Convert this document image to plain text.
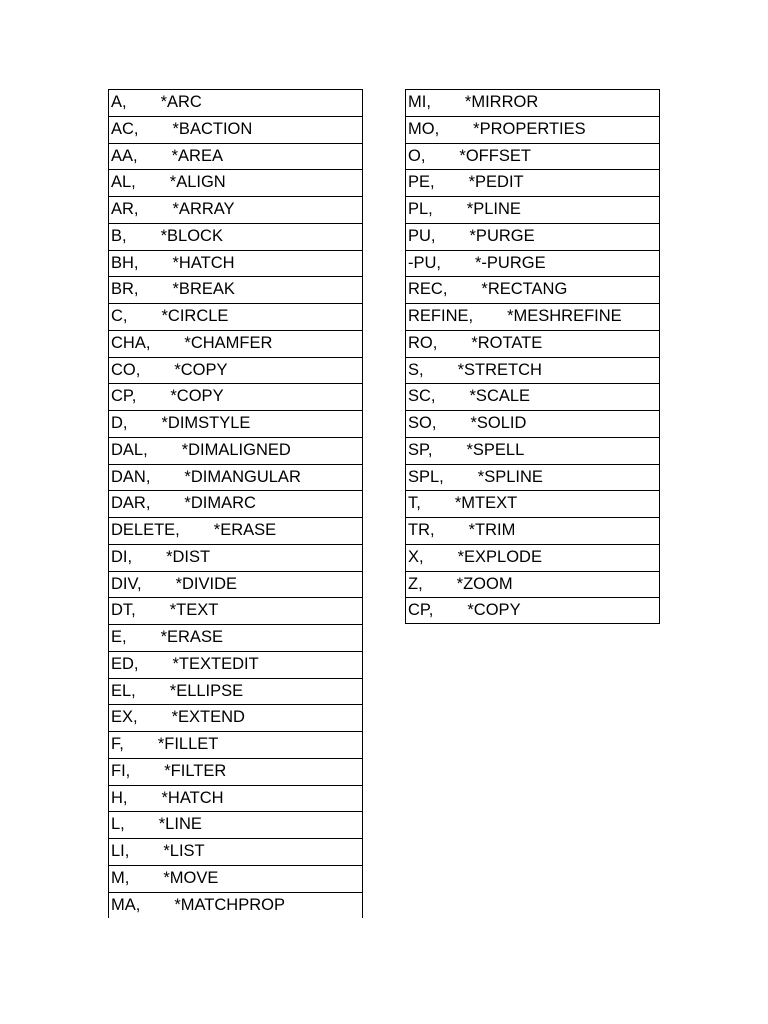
A, *ARC
AC, *BACTION
AA, *AREA
AL, *ALIGN
AR, *ARRAY
B, *BLOCK
BH, *HATCH
BR, *BREAK
C, *CIRCLE
CHA, *CHAMFER
CO, *COPY
CP, *COPY
D, *DIMSTYLE
DAL, *DIMALIGNED
DAN, *DIMANGULAR
DAR, *DIMARC
DELETE, *ERASE
DI, *DIST
DIV, *DIVIDE
DT, *TEXT
E, *ERASE
ED, *TEXTEDIT
EL, *ELLIPSE
EX, *EXTEND
F, *FILLET
FI, *FILTER
H, *HATCH
L, *LINE
LI, *LIST
M, *MOVE
MA, *MATCHPROP
MI, *MIRROR
MO, *PROPERTIES
O, *OFFSET
PE, *PEDIT
PL, *PLINE
PU, *PURGE
-PU, *-PURGE
REC, *RECTANG
REFINE, *MESHREFINE
RO, *ROTATE
S, *STRETCH
SC, *SCALE
SO, *SOLID
SP, *SPELL
SPL, *SPLINE
T, *MTEXT
TR, *TRIM
X, *EXPLODE
Z, *ZOOM
CP, *COPY
